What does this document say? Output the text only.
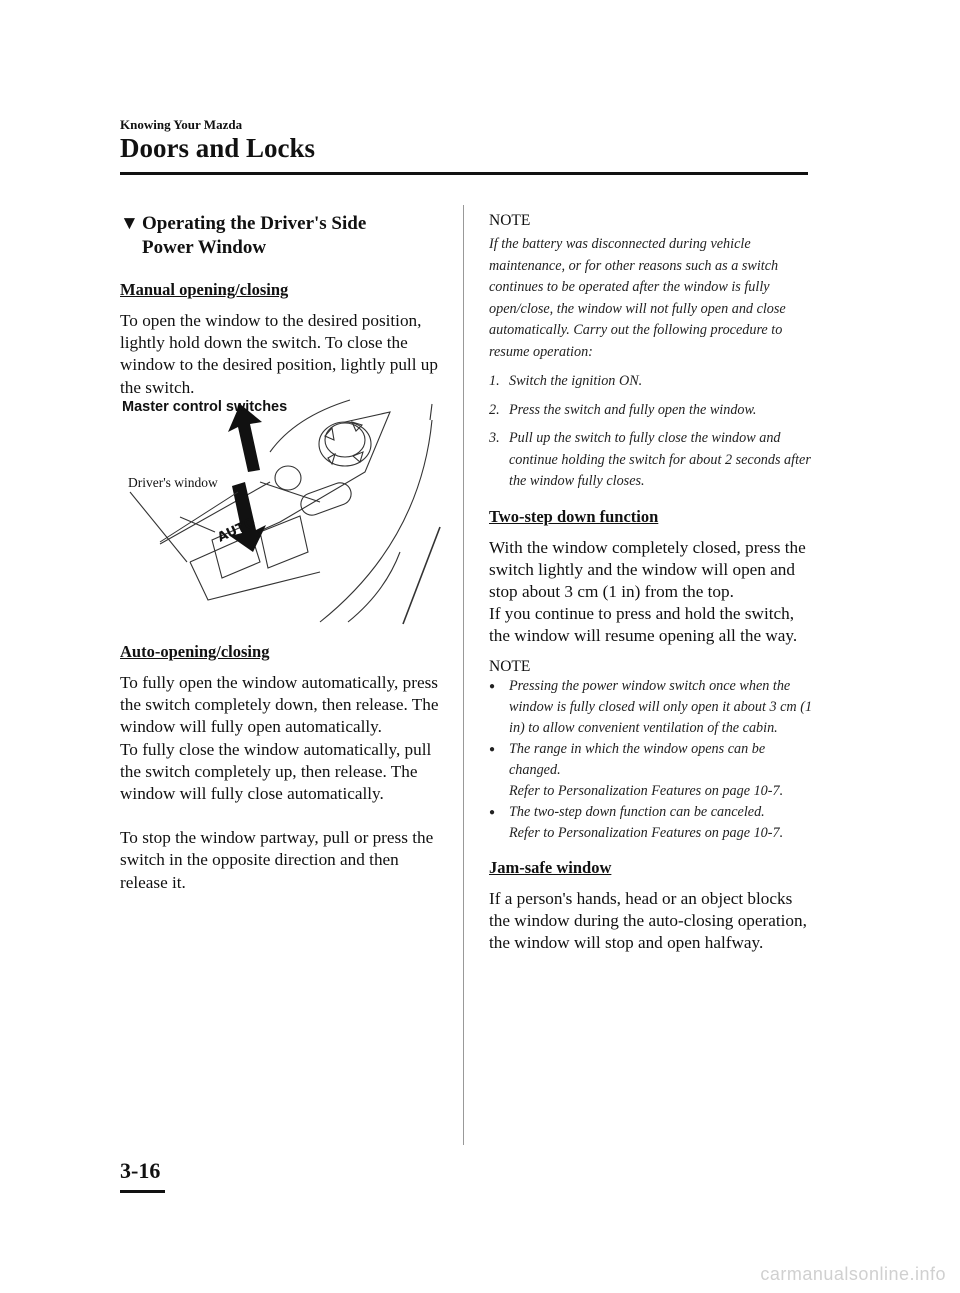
Knowing Your Mazda
Doors and Locks
▼ Operating the Driver's Side
Power Window

Manual opening/closing

To open the window to the desired position, lightly hold down the switch. To close the window to the desired position, lightly pull up the switch.

AUTO
Master control switches
Driver's window

Auto-opening/closing

To fully open the window automatically, press the switch completely down, then release. The window will fully open automatically.

To fully close the window automatically, pull the switch completely up, then release. The window will fully close automatically.

To stop the window partway, pull or press the switch in the opposite direction and then release it.

NOTE

If the battery was disconnected during vehicle maintenance, or for other reasons such as a switch continues to be operated after the window is fully open/close, the window will not fully open and close automatically. Carry out the following procedure to resume operation:

1. Switch the ignition ON.
2. Press the switch and fully open the window.
3. Pull up the switch to fully close the window and continue holding the switch for about 2 seconds after the window fully closes.

Two-step down function

With the window completely closed, press the switch lightly and the window will open and stop about 3 cm (1 in) from the top.

If you continue to press and hold the switch, the window will resume opening all the way.

NOTE

● Pressing the power window switch once when the window is fully closed will only open it about 3 cm (1 in) to allow convenient ventilation of the cabin.
● The range in which the window opens can be changed.
Refer to Personalization Features on page 10-7.
● The two-step down function can be canceled.
Refer to Personalization Features on page 10-7.

Jam-safe window

If a person's hands, head or an object blocks the window during the auto-closing operation, the window will stop and open halfway.

3-16
carmanualsonline.info
